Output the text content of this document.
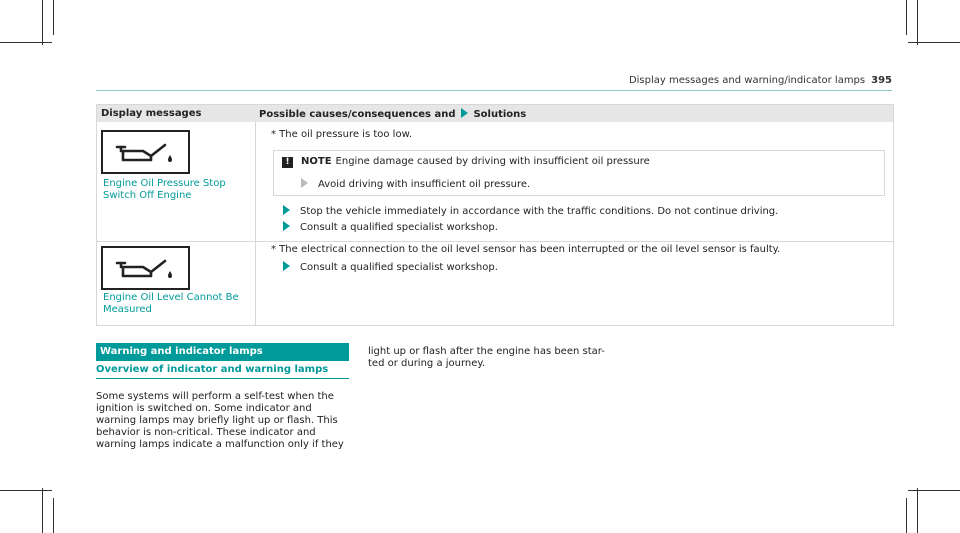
Display messages and warning/indicator lamps 395
Display messages	Possible causes/consequences and Solutions
Engine Oil Pressure Stop Switch Off Engine
* The oil pressure is too low.
!	NOTE Engine damage caused by driving with insufficient oil pressure
Avoid driving with insufficient oil pressure.
Stop the vehicle immediately in accordance with the traffic conditions. Do not continue driving.
Consult a qualified specialist workshop.
Engine Oil Level Cannot Be Measured
* The electrical connection to the oil level sensor has been interrupted or the oil level sensor is faulty.
Consult a qualified specialist workshop.
Warning and indicator lamps
Overview of indicator and warning lamps
Some systems will perform a self-test when the
ignition is switched on. Some indicator and
warning lamps may briefly light up or flash. This
behavior is non-critical. These indicator and
warning lamps indicate a malfunction only if they
light up or flash after the engine has been star-
ted or during a journey.
